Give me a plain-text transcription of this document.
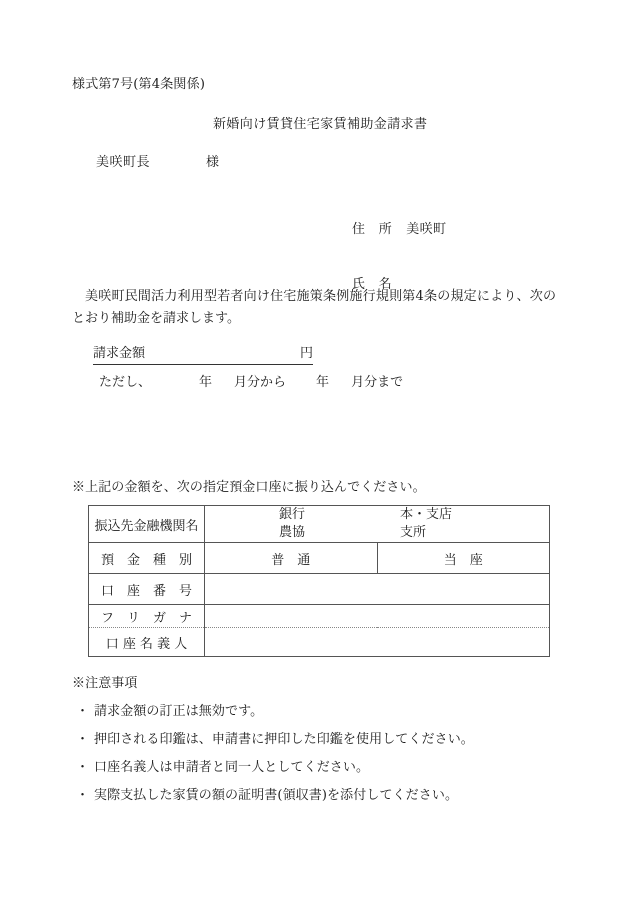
様式第7号(第4条関係)
新婚向け賃貸住宅家賃補助金請求書
美咲町長	様

住　所 美咲町

氏　名

美咲町民間活力利用型若者向け住宅施策条例施行規則第4条の規定により、次のとおり補助金を請求します。
請求金額	円
ただし、	年 月分から 年 月分まで
※上記の金額を、次の指定預金口座に振り込んでください。
振込先金融機関名	銀行
農協
本・支店
支所	

預　金　種　別	普　通	当　座
口　座　番　号		
フ　リ　ガ　ナ		
口 座 名 義 人		
※注意事項
・ 請求金額の訂正は無効です。
・ 押印される印鑑は、申請書に押印した印鑑を使用してください。
・ 口座名義人は申請者と同一人としてください。
・ 実際支払した家賃の額の証明書(領収書)を添付してください。
